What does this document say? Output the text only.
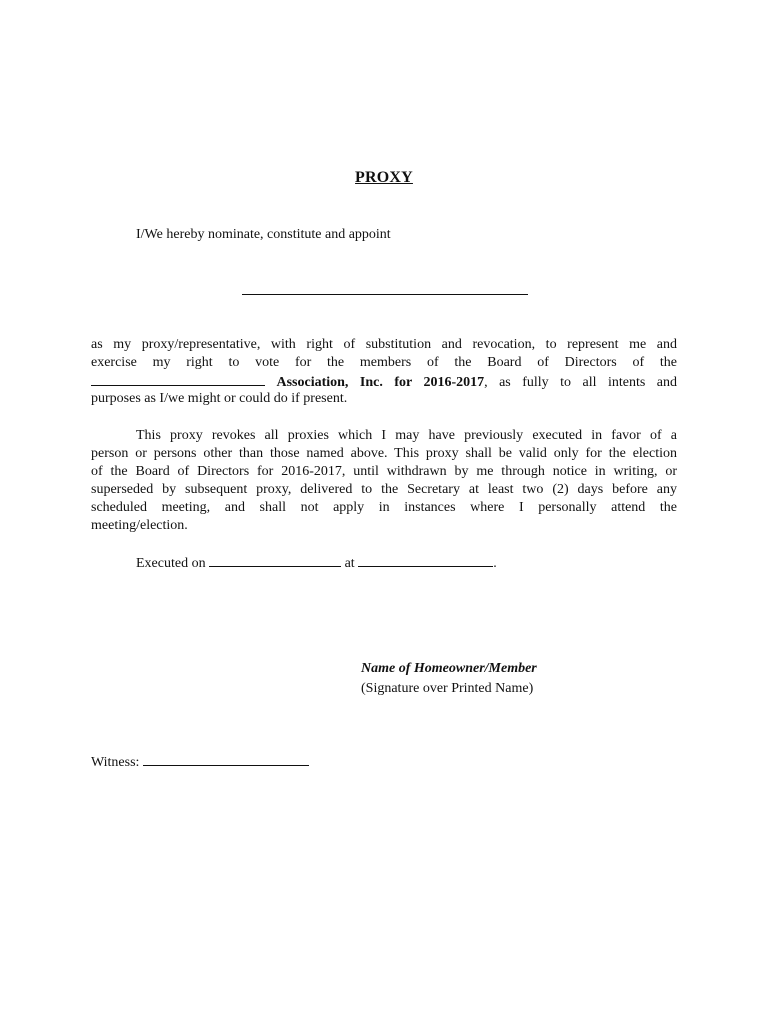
PROXY
I/We hereby nominate, constitute and appoint
as my proxy/representative, with right of substitution and revocation, to represent me and
exercise my right to vote for the members of the Board of Directors of the
Association, Inc. for 2016-2017, as fully to all intents and
purposes as I/we might or could do if present.
This proxy revokes all proxies which I may have previously executed in favor of a
person or persons other than those named above. This proxy shall be valid only for the election
of the Board of Directors for 2016-2017, until withdrawn by me through notice in writing, or
superseded by subsequent proxy, delivered to the Secretary at least two (2) days before any
scheduled meeting, and shall not apply in instances where I personally attend the
meeting/election.
Executed on	at	.
Name of Homeowner/Member
(Signature over Printed Name)
Witness:
